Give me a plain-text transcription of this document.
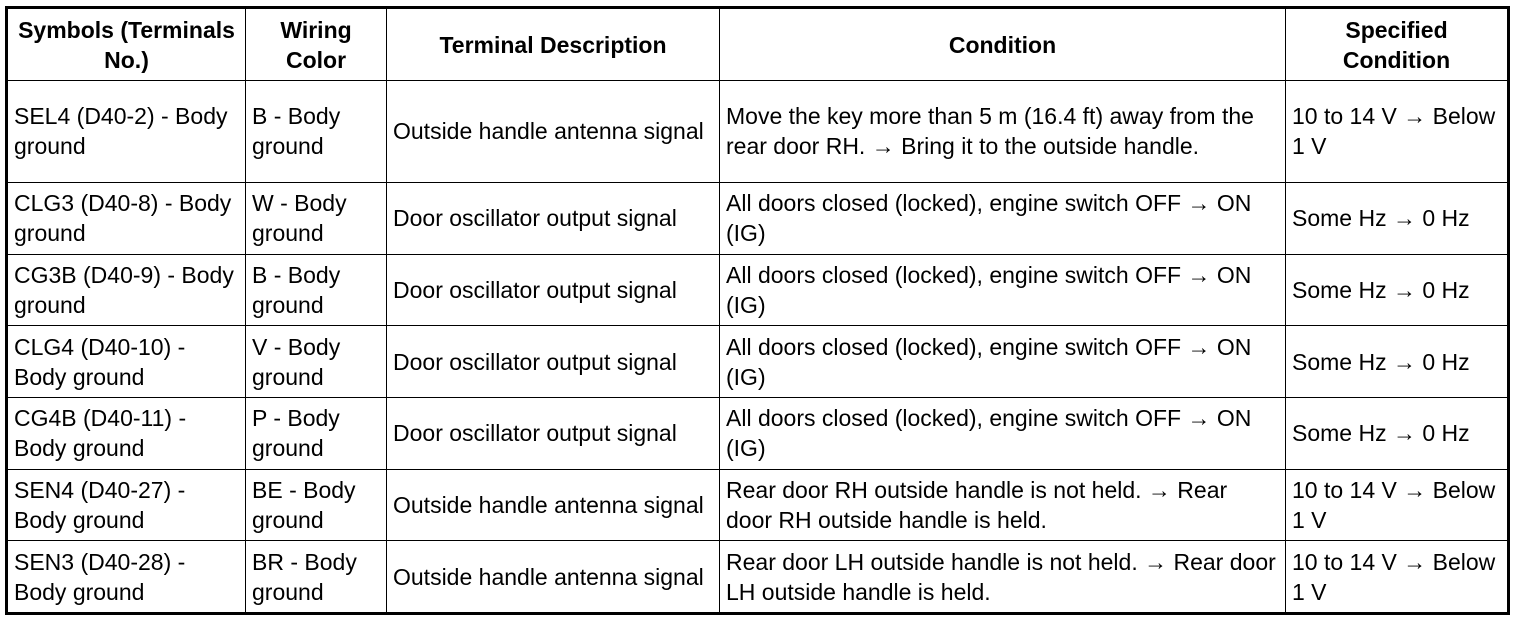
Symbols (Terminals No.)	Wiring Color	Terminal Description	Condition	Specified Condition
SEL4 (D40-2) - Body ground	B - Body ground	Outside handle antenna signal	Move the key more than 5 m (16.4 ft) away from the rear door RH. → Bring it to the outside handle.	10 to 14 V → Below 1 V
CLG3 (D40-8) - Body ground	W - Body ground	Door oscillator output signal	All doors closed (locked), engine switch OFF → ON (IG)	Some Hz → 0 Hz
CG3B (D40-9) - Body ground	B - Body ground	Door oscillator output signal	All doors closed (locked), engine switch OFF → ON (IG)	Some Hz → 0 Hz
CLG4 (D40-10) - Body ground	V - Body ground	Door oscillator output signal	All doors closed (locked), engine switch OFF → ON (IG)	Some Hz → 0 Hz
CG4B (D40-11) - Body ground	P - Body ground	Door oscillator output signal	All doors closed (locked), engine switch OFF → ON (IG)	Some Hz → 0 Hz
SEN4 (D40-27) - Body ground	BE - Body ground	Outside handle antenna signal	Rear door RH outside handle is not held. → Rear door RH outside handle is held.	10 to 14 V → Below 1 V
SEN3 (D40-28) - Body ground	BR - Body ground	Outside handle antenna signal	Rear door LH outside handle is not held. → Rear door LH outside handle is held.	10 to 14 V → Below 1 V
